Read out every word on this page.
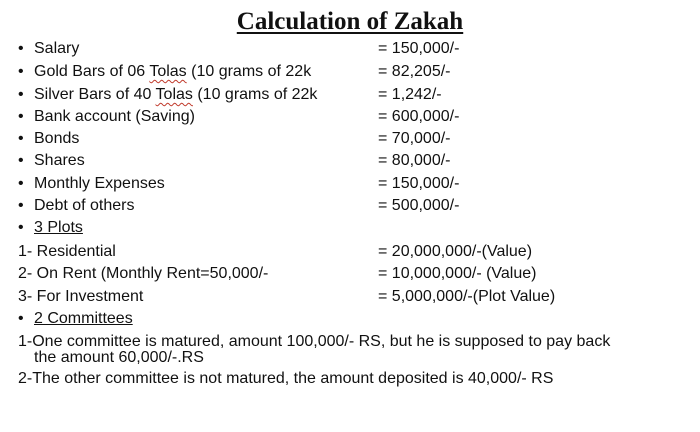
Calculation of Zakah
• Salary	= 150,000/-
• Gold Bars of 06 Tolas (10 grams of 22k	= 82,205/-
• Silver Bars of 40 Tolas (10 grams of 22k	= 1,242/-
• Bank account (Saving)	= 600,000/-
• Bonds	= 70,000/-
• Shares	= 80,000/-
• Monthly Expenses	= 150,000/-
• Debt of others	= 500,000/-
• 3 Plots
1- Residential	= 20,000,000/-(Value)
2- On Rent (Monthly Rent=50,000/-	= 10,000,000/- (Value)
3- For Investment	= 5,000,000/-(Plot Value)
• 2 Committees
1-One committee is matured, amount 100,000/- RS, but he is supposed to pay back
the amount 60,000/-.RS
2-The other committee is not matured, the amount deposited is 40,000/- RS
